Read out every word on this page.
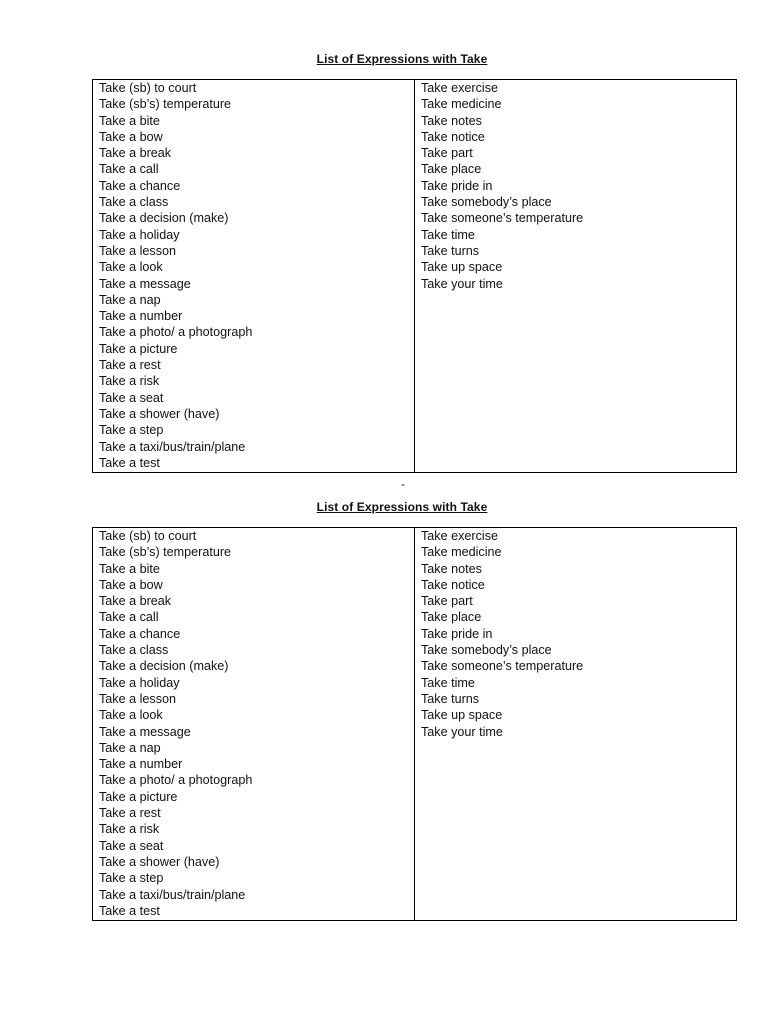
List of Expressions with Take
Take (sb) to court
Take (sb’s) temperature
Take a bite
Take a bow
Take a break
Take a call
Take a chance
Take a class
Take a decision (make)
Take a holiday
Take a lesson
Take a look
Take a message
Take a nap
Take a number
Take a photo/ a photograph
Take a picture
Take a rest
Take a risk
Take a seat
Take a shower (have)
Take a step
Take a taxi/bus/train/plane
Take a test

Take exercise
Take medicine
Take notes
Take notice
Take part
Take place
Take pride in
Take somebody’s place
Take someone’s temperature
Take time
Take turns
Take up space
Take your time
-
List of Expressions with Take
Take (sb) to court
Take (sb’s) temperature
Take a bite
Take a bow
Take a break
Take a call
Take a chance
Take a class
Take a decision (make)
Take a holiday
Take a lesson
Take a look
Take a message
Take a nap
Take a number
Take a photo/ a photograph
Take a picture
Take a rest
Take a risk
Take a seat
Take a shower (have)
Take a step
Take a taxi/bus/train/plane
Take a test

Take exercise
Take medicine
Take notes
Take notice
Take part
Take place
Take pride in
Take somebody’s place
Take someone’s temperature
Take time
Take turns
Take up space
Take your time
